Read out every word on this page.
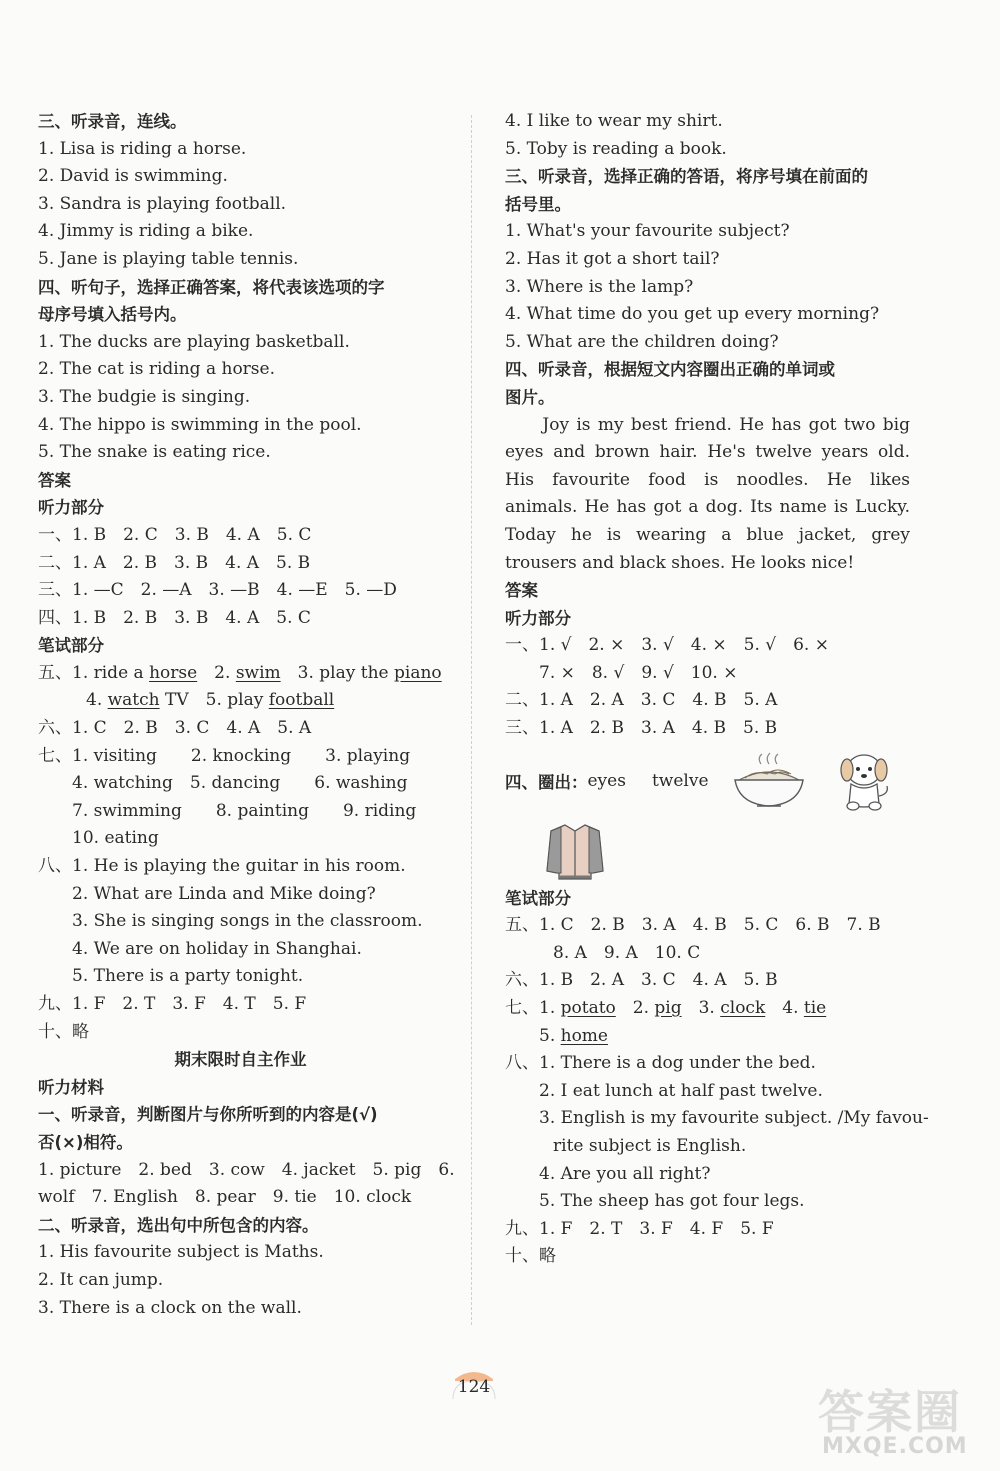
三、听录音，连线。
1. Lisa is riding a horse.
2. David is swimming.
3. Sandra is playing football.
4. Jimmy is riding a bike.
5. Jane is playing table tennis.
四、听句子，选择正确答案，将代表该选项的字
母序号填入括号内。
1. The ducks are playing basketball.
2. The cat is riding a horse.
3. The budgie is singing.
4. The hippo is swimming in the pool.
5. The snake is eating rice.
答案
听力部分
一、1. B　2. C　3. B　4. A　5. C
二、1. A　2. B　3. B　4. A　5. B
三、1. —C　2. —A　3. —B　4. —E　5. —D
四、1. B　2. B　3. B　4. A　5. C
笔试部分
五、1. ride a horse　2. swim　3. play the piano
4. watch TV　5. play football
六、1. C　2. B　3. C　4. A　5. A
七、1. visiting　　2. knocking　　3. playing
4. watching　5. dancing　　6. washing
7. swimming　　8. painting　　9. riding
10. eating
八、1. He is playing the guitar in his room.
2. What are Linda and Mike doing?
3. She is singing songs in the classroom.
4. We are on holiday in Shanghai.
5. There is a party tonight.
九、1. F　2. T　3. F　4. T　5. F
十、略
期末限时自主作业
听力材料
一、听录音，判断图片与你所听到的内容是(√)
否(×)相符。
1. picture　2. bed　3. cow　4. jacket　5. pig　6.
wolf　7. English　8. pear　9. tie　10. clock
二、听录音，选出句中所包含的内容。
1. His favourite subject is Maths.
2. It can jump.
3. There is a clock on the wall.
4. I like to wear my shirt.
5. Toby is reading a book.
三、听录音，选择正确的答语，将序号填在前面的
括号里。
1. What's your favourite subject?
2. Has it got a short tail?
3. Where is the lamp?
4. What time do you get up every morning?
5. What are the children doing?
四、听录音，根据短文内容圈出正确的单词或
图片。
Joy is my best friend. He has got two big eyes and brown hair. He's twelve years old. His favourite food is noodles. He likes animals. He has got a dog. Its name is Lucky. Today he is wearing a blue jacket, grey trousers and black shoes. He looks nice!
答案
听力部分
一、1. √　2. ×　3. √　4. ×　5. √　6. ×
7. ×　8. √　9. √　10. ×
二、1. A　2. A　3. C　4. B　5. A
三、1. A　2. B　3. A　4. B　5. B
四、圈出： eyes twelve
笔试部分
五、1. C　2. B　3. A　4. B　5. C　6. B　7. B
8. A　9. A　10. C
六、1. B　2. A　3. C　4. A　5. B
七、1. potato　2. pig　3. clock　4. tie
5. home
八、1. There is a dog under the bed.
2. I eat lunch at half past twelve.
3. English is my favourite subject. /My favou-
rite subject is English.
4. Are you all right?
5. The sheep has got four legs.
九、1. F　2. T　3. F　4. F　5. F
十、略
124	答案圈
MXQE.COM
